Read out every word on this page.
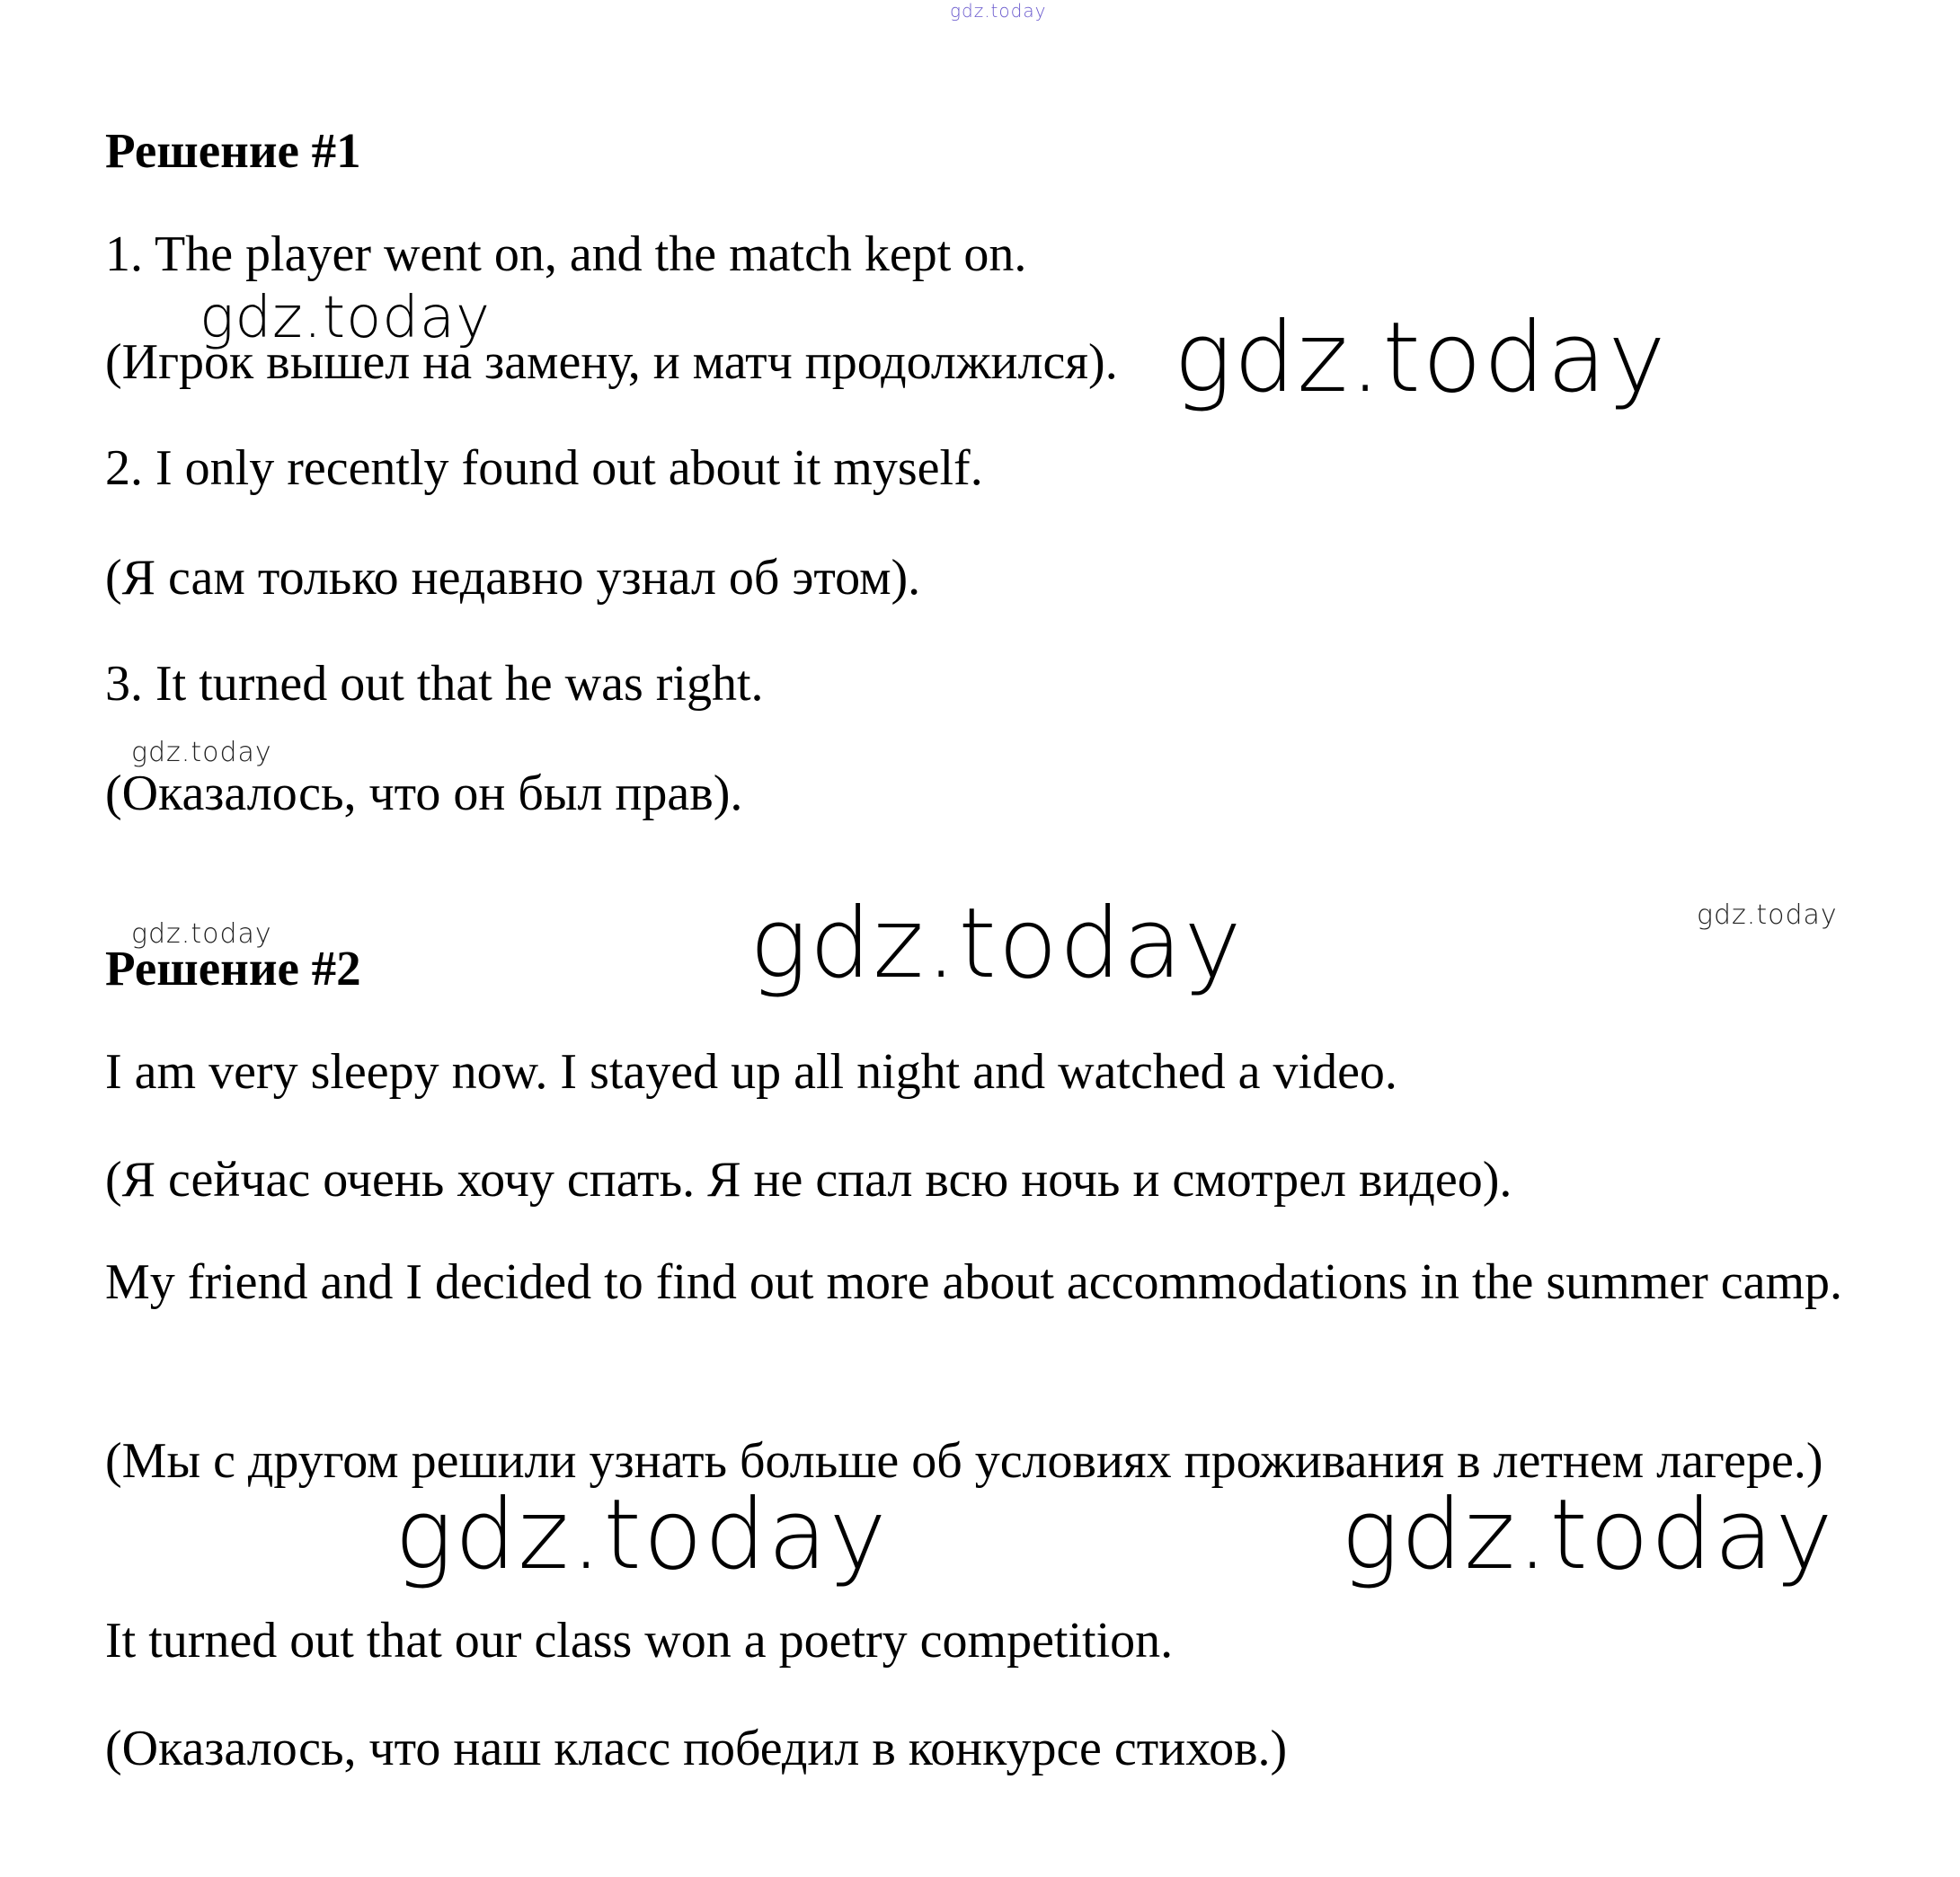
gdz.today
gdz.today	gdz.today
gdz.today
gdz.today
gdz.today
gdz.today
gdz.today	gdz.today
Решение #1
1. The player went on, and the match kept on.
(Игрок вышел на замену, и матч продолжился).
2. I only recently found out about it myself.
(Я сам только недавно узнал об этом).
3. It turned out that he was right.
(Оказалось, что он был прав).
Решение #2
I am very sleepy now. I stayed up all night and watched a video.
(Я сейчас очень хочу спать. Я не спал всю ночь и смотрел видео).
My friend and I decided to find out more about accommodations in the summer camp.
(Мы с другом решили узнать больше об условиях проживания в летнем лагере.)
It turned out that our class won a poetry competition.
(Оказалось, что наш класс победил в конкурсе стихов.)
